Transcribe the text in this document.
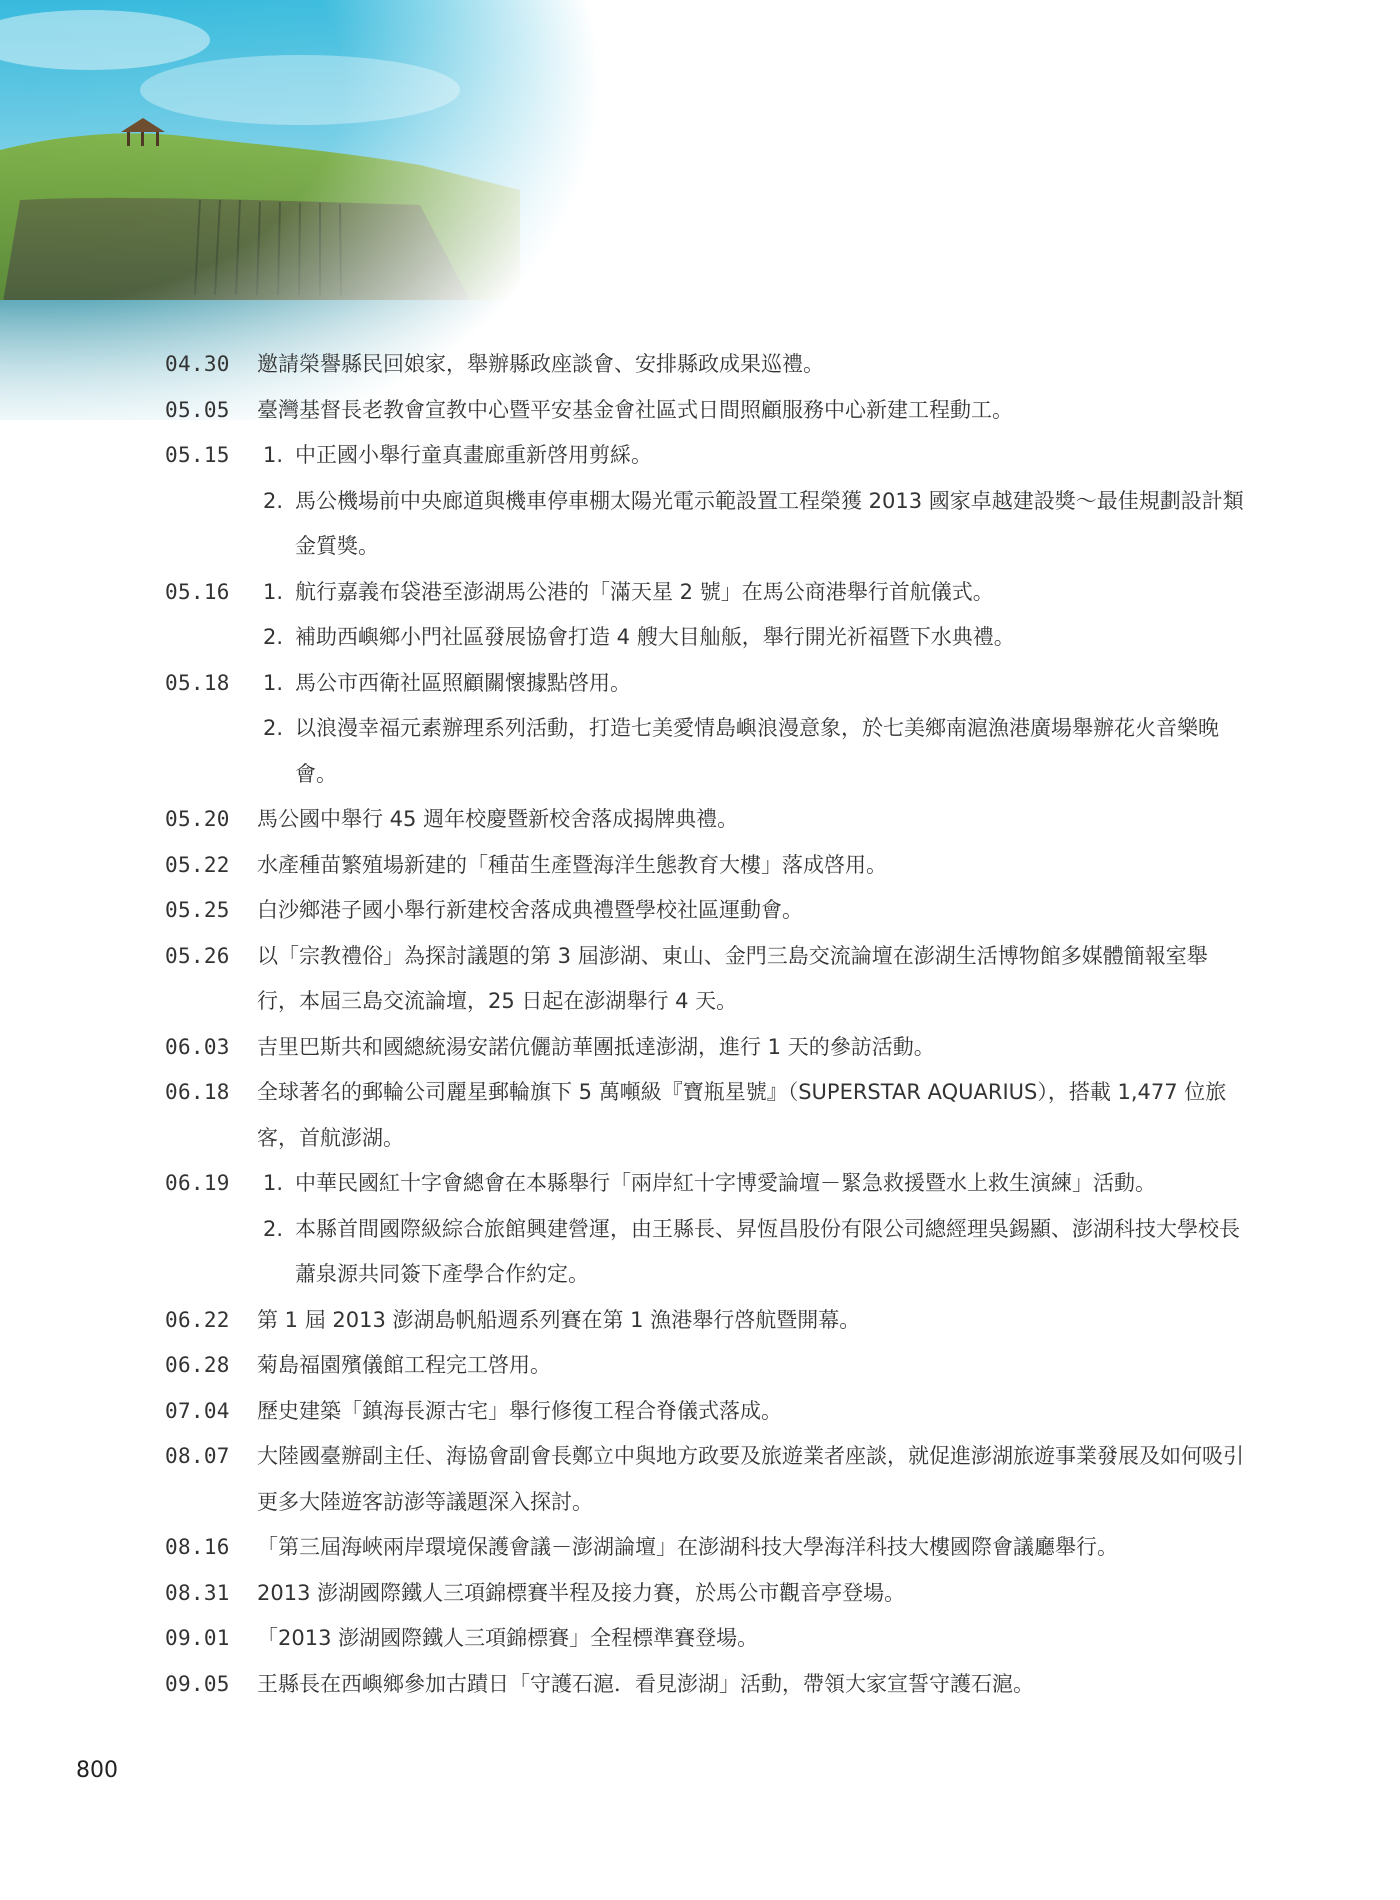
04.30 邀請榮譽縣民回娘家，舉辦縣政座談會、安排縣政成果巡禮。

05.05 臺灣基督長老教會宣教中心暨平安基金會社區式日間照顧服務中心新建工程動工。

05.15 1. 中正國小舉行童真畫廊重新啓用剪綵。
2. 馬公機場前中央廊道與機車停車棚太陽光電示範設置工程榮獲 2013 國家卓越建設獎〜最佳規劃設計類金質獎。
05.16 1. 航行嘉義布袋港至澎湖馬公港的「滿天星 2 號」在馬公商港舉行首航儀式。
2. 補助西嶼鄉小門社區發展協會打造 4 艘大目舢舨，舉行開光祈福暨下水典禮。
05.18 1. 馬公市西衛社區照顧關懷據點啓用。
2. 以浪漫幸福元素辦理系列活動，打造七美愛情島嶼浪漫意象，於七美鄉南滬漁港廣場舉辦花火音樂晚會。
05.20 馬公國中舉行 45 週年校慶暨新校舍落成揭牌典禮。

05.22 水產種苗繁殖場新建的「種苗生產暨海洋生態教育大樓」落成啓用。

05.25 白沙鄉港子國小舉行新建校舍落成典禮暨學校社區運動會。

05.26 以「宗教禮俗」為探討議題的第 3 屆澎湖、東山、金門三島交流論壇在澎湖生活博物館多媒體簡報室舉行，本屆三島交流論壇，25 日起在澎湖舉行 4 天。

06.03 吉里巴斯共和國總統湯安諾伉儷訪華團抵達澎湖，進行 1 天的參訪活動。

06.18 全球著名的郵輪公司麗星郵輪旗下 5 萬噸級『寶瓶星號』（SUPERSTAR AQUARIUS），搭載 1,477 位旅客，首航澎湖。

06.19 1. 中華民國紅十字會總會在本縣舉行「兩岸紅十字博愛論壇－緊急救援暨水上救生演練」活動。
2. 本縣首間國際級綜合旅館興建營運，由王縣長、昇恆昌股份有限公司總經理吳錫顯、澎湖科技大學校長蕭泉源共同簽下產學合作約定。
06.22 第 1 屆 2013 澎湖島帆船週系列賽在第 1 漁港舉行啓航暨開幕。

06.28 菊島福園殯儀館工程完工啓用。

07.04 歷史建築「鎮海長源古宅」舉行修復工程合脊儀式落成。

08.07 大陸國臺辦副主任、海協會副會長鄭立中與地方政要及旅遊業者座談，就促進澎湖旅遊事業發展及如何吸引更多大陸遊客訪澎等議題深入探討。

08.16 「第三屆海峽兩岸環境保護會議－澎湖論壇」在澎湖科技大學海洋科技大樓國際會議廳舉行。

08.31 2013 澎湖國際鐵人三項錦標賽半程及接力賽，於馬公市觀音亭登場。

09.01 「2013 澎湖國際鐵人三項錦標賽」全程標準賽登場。

09.05 王縣長在西嶼鄉參加古蹟日「守護石滬．看見澎湖」活動，帶領大家宣誓守護石滬。

800
